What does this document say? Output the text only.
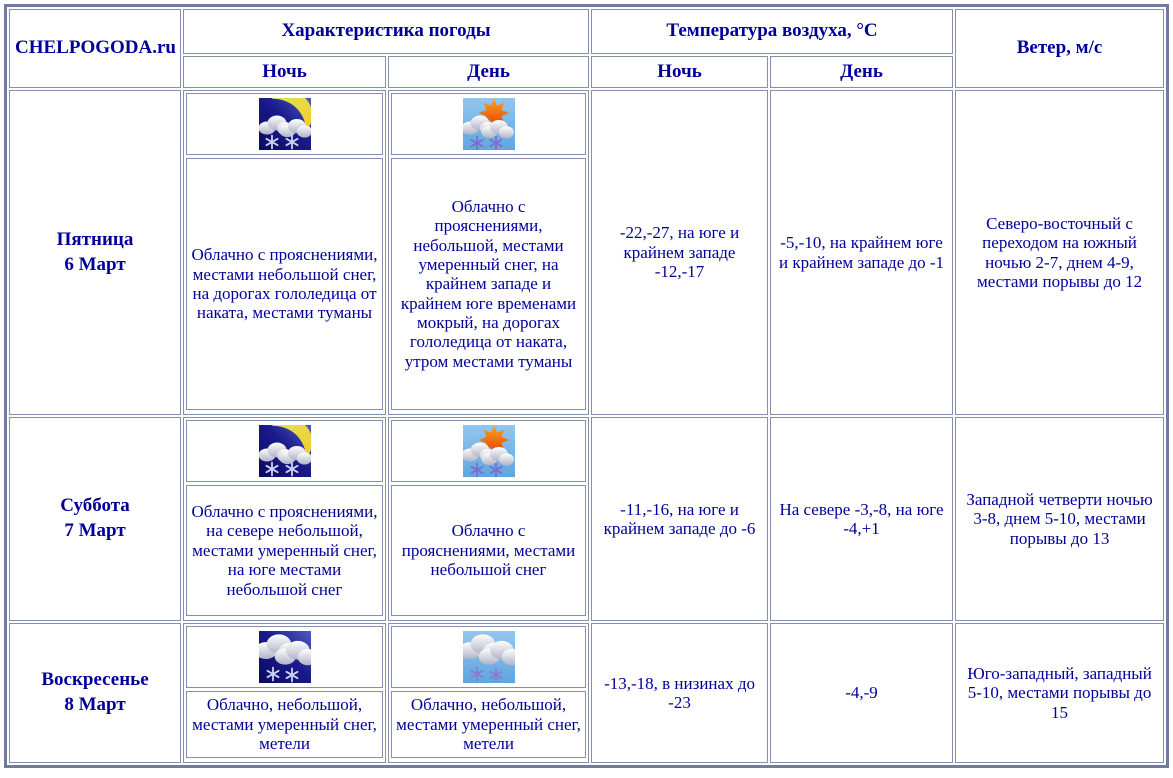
CHELPOGODA.ru	Характеристика погоды		Температура воздуха, °C		Ветер, м/с
	Ночь	День	Ночь	День	

Пятница
6 Март	Облачно с прояснениями, местами небольшой снег, на дорогах гололедица от наката, местами туманы	Облачно с прояснениями, небольшой, местами умеренный снег, на крайнем западе и крайнем юге временами мокрый, на дорогах гололедица от наката, утром местами туманы	-22,-27, на юге и крайнем западе -12,-17	-5,-10, на крайнем юге и крайнем западе до -1	Северо-восточный с переходом на южный ночью 2-7, днем 4-9, местами порывы до 12

Суббота
7 Март	Облачно с прояснениями, на севере небольшой, местами умеренный снег, на юге местами небольшой снег	Облачно с прояснениями, местами небольшой снег	-11,-16, на юге и крайнем западе до -6	На севере -3,-8, на юге -4,+1	Западной четверти ночью 3-8, днем 5-10, местами порывы до 13

Воскресенье
8 Март	Облачно, небольшой, местами умеренный снег, метели	Облачно, небольшой, местами умеренный снег, метели	-13,-18, в низинах до -23	-4,-9	Юго-западный, западный 5-10, местами порывы до 15
